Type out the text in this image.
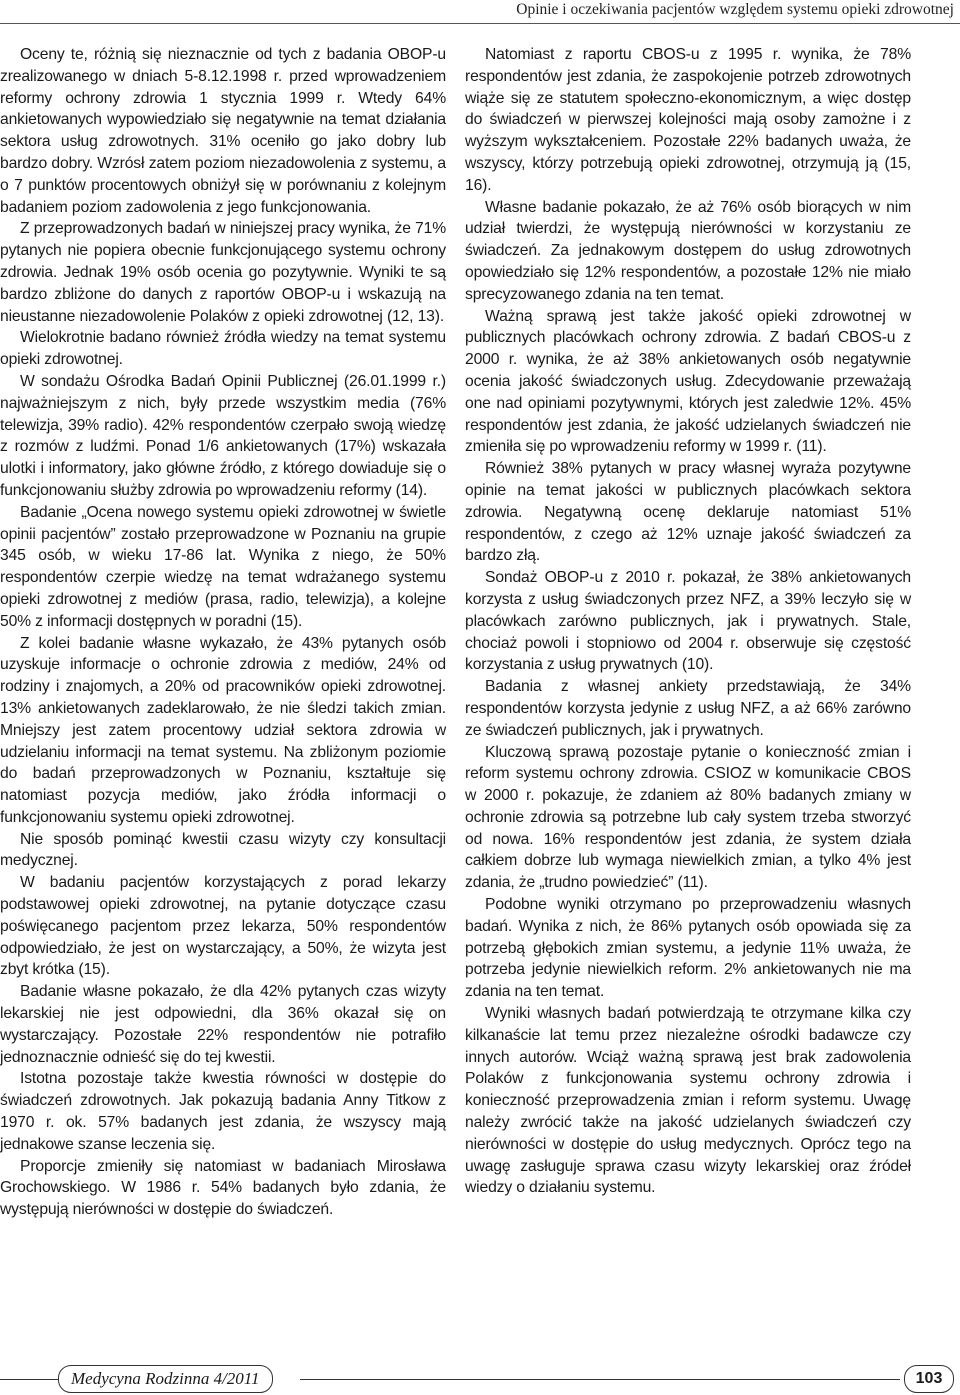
Opinie i oczekiwania pacjentów względem systemu opieki zdrowotnej

Oceny te, różnią się nieznacznie od tych z badania OBOP-u zrealizowanego w dniach 5-8.12.1998 r. przed wprowadzeniem reformy ochrony zdrowia 1 stycznia 1999 r. Wtedy 64% ankietowanych wypowiedziało się negatywnie na temat działania sektora usług zdrowotnych. 31% oceniło go jako dobry lub bardzo dobry. Wzrósł zatem poziom niezadowolenia z systemu, a o 7 punktów procentowych obniżył się w porównaniu z kolejnym badaniem poziom zadowolenia z jego funkcjonowania.

Z przeprowadzonych badań w niniejszej pracy wynika, że 71% pytanych nie popiera obecnie funkcjonującego systemu ochrony zdrowia. Jednak 19% osób ocenia go pozytywnie. Wyniki te są bardzo zbliżone do danych z raportów OBOP-u i wskazują na nieustanne niezadowolenie Polaków z opieki zdrowotnej (12, 13).

Wielokrotnie badano również źródła wiedzy na temat systemu opieki zdrowotnej.

W sondażu Ośrodka Badań Opinii Publicznej (26.01.1999 r.) najważniejszym z nich, były przede wszystkim media (76% telewizja, 39% radio). 42% respondentów czerpało swoją wiedzę z rozmów z ludźmi. Ponad 1/6 ankietowanych (17%) wskazała ulotki i informatory, jako główne źródło, z którego dowiaduje się o funkcjonowaniu służby zdrowia po wprowadzeniu reformy (14).

Badanie „Ocena nowego systemu opieki zdrowotnej w świetle opinii pacjentów” zostało przeprowadzone w Poznaniu na grupie 345 osób, w wieku 17-86 lat. Wynika z niego, że 50% respondentów czerpie wiedzę na temat wdrażanego systemu opieki zdrowotnej z mediów (prasa, radio, telewizja), a kolejne 50% z informacji dostępnych w poradni (15).

Z kolei badanie własne wykazało, że 43% pytanych osób uzyskuje informacje o ochronie zdrowia z mediów, 24% od rodziny i znajomych, a 20% od pracowników opieki zdrowotnej. 13% ankietowanych zadeklarowało, że nie śledzi takich zmian. Mniejszy jest zatem procentowy udział sektora zdrowia w udzielaniu informacji na temat systemu. Na zbliżonym poziomie do badań przeprowadzonych w Poznaniu, kształtuje się natomiast pozycja mediów, jako źródła informacji o funkcjonowaniu systemu opieki zdrowotnej.

Nie sposób pominąć kwestii czasu wizyty czy konsultacji medycznej.

W badaniu pacjentów korzystających z porad lekarzy podstawowej opieki zdrowotnej, na pytanie dotyczące czasu poświęcanego pacjentom przez lekarza, 50% respondentów odpowiedziało, że jest on wystarczający, a 50%, że wizyta jest zbyt krótka (15).

Badanie własne pokazało, że dla 42% pytanych czas wizyty lekarskiej nie jest odpowiedni, dla 36% okazał się on wystarczający. Pozostałe 22% respondentów nie potrafiło jednoznacznie odnieść się do tej kwestii.

Istotna pozostaje także kwestia równości w dostępie do świadczeń zdrowotnych. Jak pokazują badania Anny Titkow z 1970 r. ok. 57% badanych jest zdania, że wszyscy mają jednakowe szanse leczenia się.

Proporcje zmieniły się natomiast w badaniach Mirosława Grochowskiego. W 1986 r. 54% badanych było zdania, że występują nierówności w dostępie do świadczeń.

Natomiast z raportu CBOS-u z 1995 r. wynika, że 78% respondentów jest zdania, że zaspokojenie potrzeb zdrowotnych wiąże się ze statutem społeczno-ekonomicznym, a więc dostęp do świadczeń w pierwszej kolejności mają osoby zamożne i z wyższym wykształceniem. Pozostałe 22% badanych uważa, że wszyscy, którzy potrzebują opieki zdrowotnej, otrzymują ją (15, 16).

Własne badanie pokazało, że aż 76% osób biorących w nim udział twierdzi, że występują nierówności w korzystaniu ze świadczeń. Za jednakowym dostępem do usług zdrowotnych opowiedziało się 12% respondentów, a pozostałe 12% nie miało sprecyzowanego zdania na ten temat.

Ważną sprawą jest także jakość opieki zdrowotnej w publicznych placówkach ochrony zdrowia. Z badań CBOS-u z 2000 r. wynika, że aż 38% ankietowanych osób negatywnie ocenia jakość świadczonych usług. Zdecydowanie przeważają one nad opiniami pozytywnymi, których jest zaledwie 12%. 45% respondentów jest zdania, że jakość udzielanych świadczeń nie zmieniła się po wprowadzeniu reformy w 1999 r. (11).

Również 38% pytanych w pracy własnej wyraża pozytywne opinie na temat jakości w publicznych placówkach sektora zdrowia. Negatywną ocenę deklaruje natomiast 51% respondentów, z czego aż 12% uznaje jakość świadczeń za bardzo złą.

Sondaż OBOP-u z 2010 r. pokazał, że 38% ankietowanych korzysta z usług świadczonych przez NFZ, a 39% leczyło się w placówkach zarówno publicznych, jak i prywatnych. Stale, chociaż powoli i stopniowo od 2004 r. obserwuje się częstość korzystania z usług prywatnych (10).

Badania z własnej ankiety przedstawiają, że 34% respondentów korzysta jedynie z usług NFZ, a aż 66% zarówno ze świadczeń publicznych, jak i prywatnych.

Kluczową sprawą pozostaje pytanie o konieczność zmian i reform systemu ochrony zdrowia. CSIOZ w komunikacie CBOS w 2000 r. pokazuje, że zdaniem aż 80% badanych zmiany w ochronie zdrowia są potrzebne lub cały system trzeba stworzyć od nowa. 16% respondentów jest zdania, że system działa całkiem dobrze lub wymaga niewielkich zmian, a tylko 4% jest zdania, że „trudno powiedzieć” (11).

Podobne wyniki otrzymano po przeprowadzeniu własnych badań. Wynika z nich, że 86% pytanych osób opowiada się za potrzebą głębokich zmian systemu, a jedynie 11% uważa, że potrzeba jedynie niewielkich reform. 2% ankietowanych nie ma zdania na ten temat.

Wyniki własnych badań potwierdzają te otrzymane kilka czy kilkanaście lat temu przez niezależne ośrodki badawcze czy innych autorów. Wciąż ważną sprawą jest brak zadowolenia Polaków z funkcjonowania systemu ochrony zdrowia i konieczność przeprowadzenia zmian i reform systemu. Uwagę należy zwrócić także na jakość udzielanych świadczeń czy nierówności w dostępie do usług medycznych. Oprócz tego na uwagę zasługuje sprawa czasu wizyty lekarskiej oraz źródeł wiedzy o działaniu systemu.

Medycyna Rodzinna 4/2011	103
